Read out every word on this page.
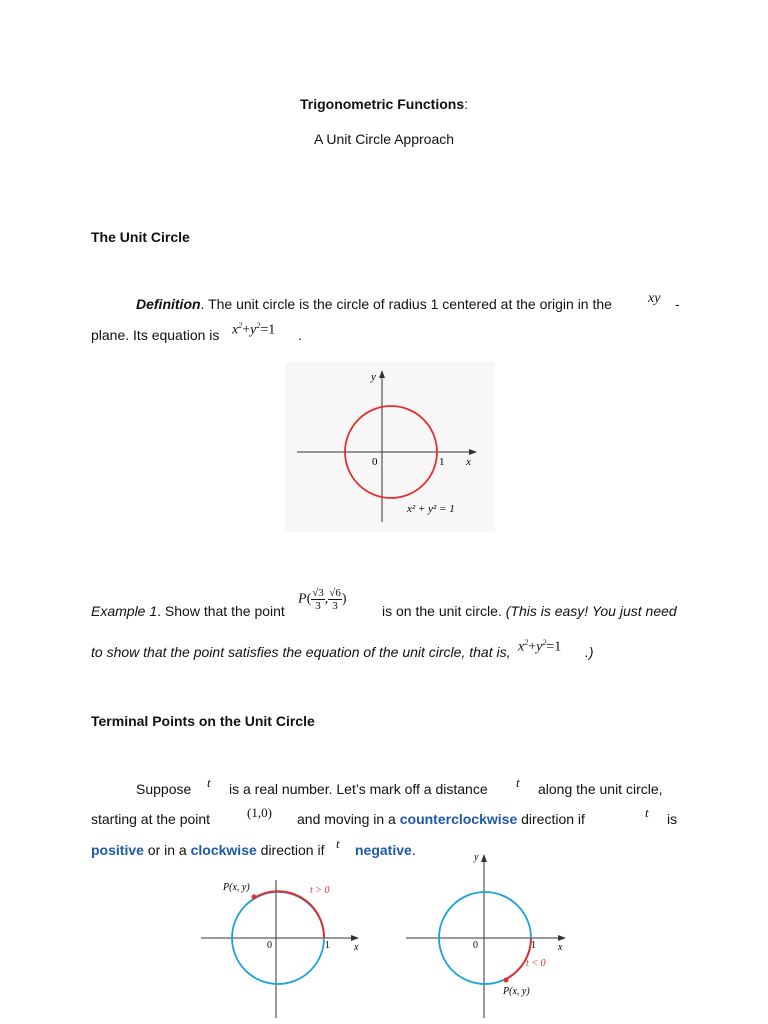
Trigonometric Functions:
A Unit Circle Approach
The Unit Circle
Definition. The unit circle is the circle of radius 1 centered at the origin in the	xy -
plane. Its equation is $x^2+y^2=1$ .
y
x
0	1
x² + y² = 1
Example 1. Show that the point
$P( \frac{√3}{3}$ , $\frac{√6}{3}$ )
is on the unit circle. (This is easy! You just need
to show that the point satisfies the equation of the unit circle, that is, $x^2+y^2=1$ .)
Terminal Points on the Unit Circle
Suppose t is a real number. Let’s mark off a distance t along the unit circle,
starting at the point	(1,0) and moving in a counterclockwise direction if	t is
positive or in a clockwise direction if t negative.
P(x, y)	t > 0
0	1 x
y
0	1 x
t < 0
P(x, y)
